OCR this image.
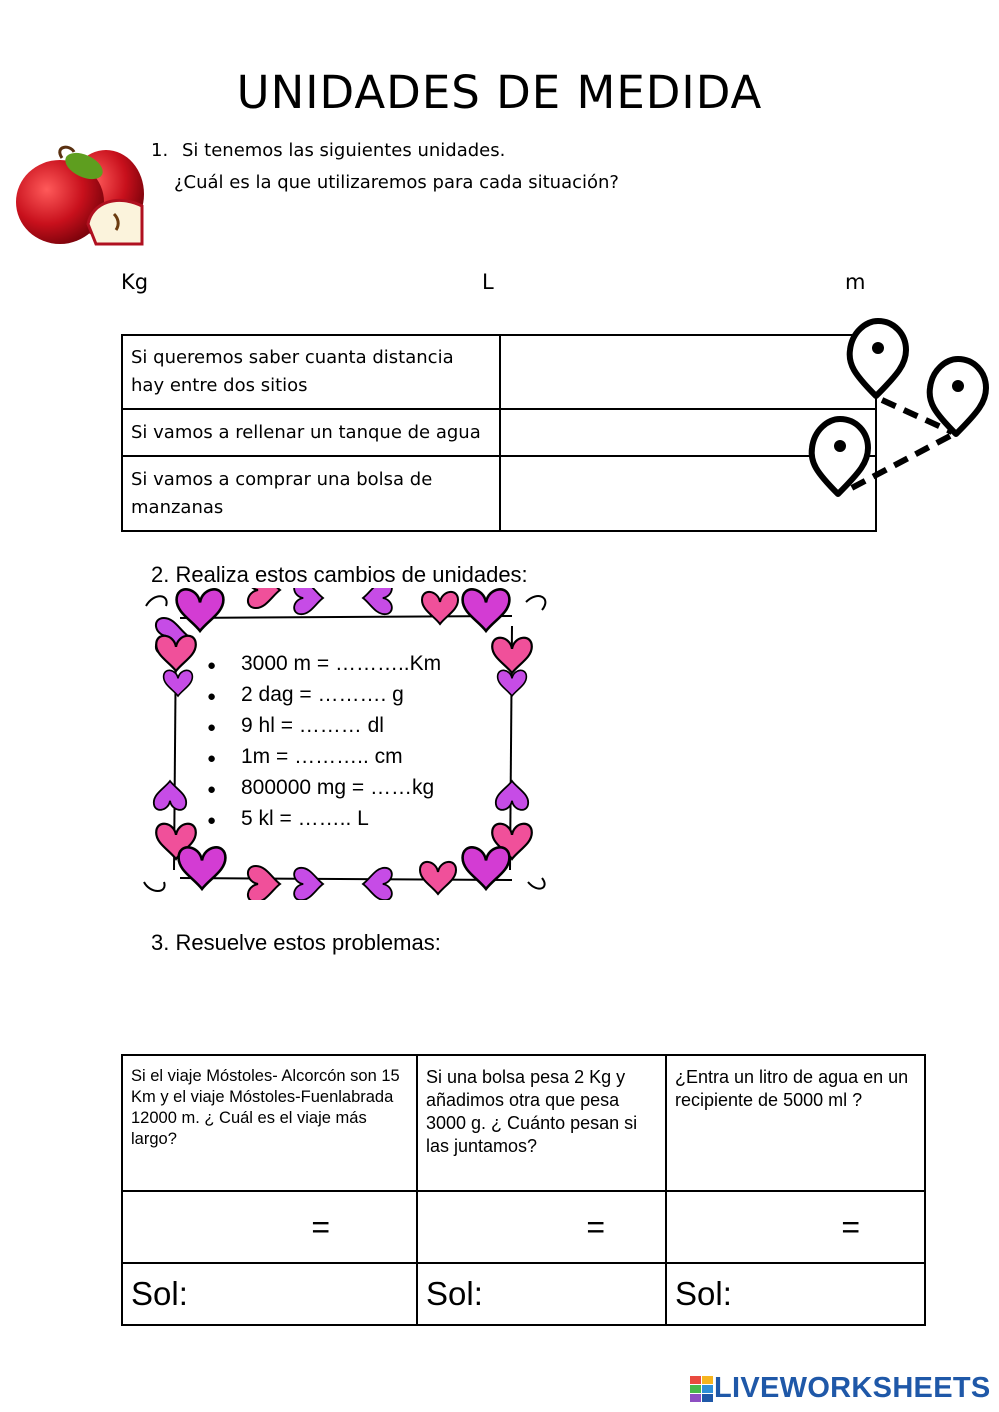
UNIDADES DE MEDIDA
1. Si tenemos las siguientes unidades.
¿Cuál es la que utilizaremos para cada situación?
Kg	L	m
Si queremos saber cuanta distancia hay entre dos sitios	
Si vamos a rellenar un tanque de agua	
Si vamos a comprar una bolsa de manzanas	
2. Realiza estos cambios de unidades:
● 3000 m = ………..Km
● 2 dag = ………. g
● 9 hl = ……… dl
● 1m = ……….. cm
● 800000 mg = ……kg
● 5 kl = …….. L
3. Resuelve estos problemas:
Si el viaje Móstoles- Alcorcón son 15 Km y el viaje Móstoles-Fuenlabrada 12000 m. ¿ Cuál es el viaje más largo?	Si una bolsa pesa 2 Kg y añadimos otra que pesa 3000 g. ¿ Cuánto pesan si las juntamos?	¿Entra un litro de agua en un recipiente de 5000 ml ?
=	=	=
Sol:	Sol:	Sol:
LIVEWORKSHEETS
